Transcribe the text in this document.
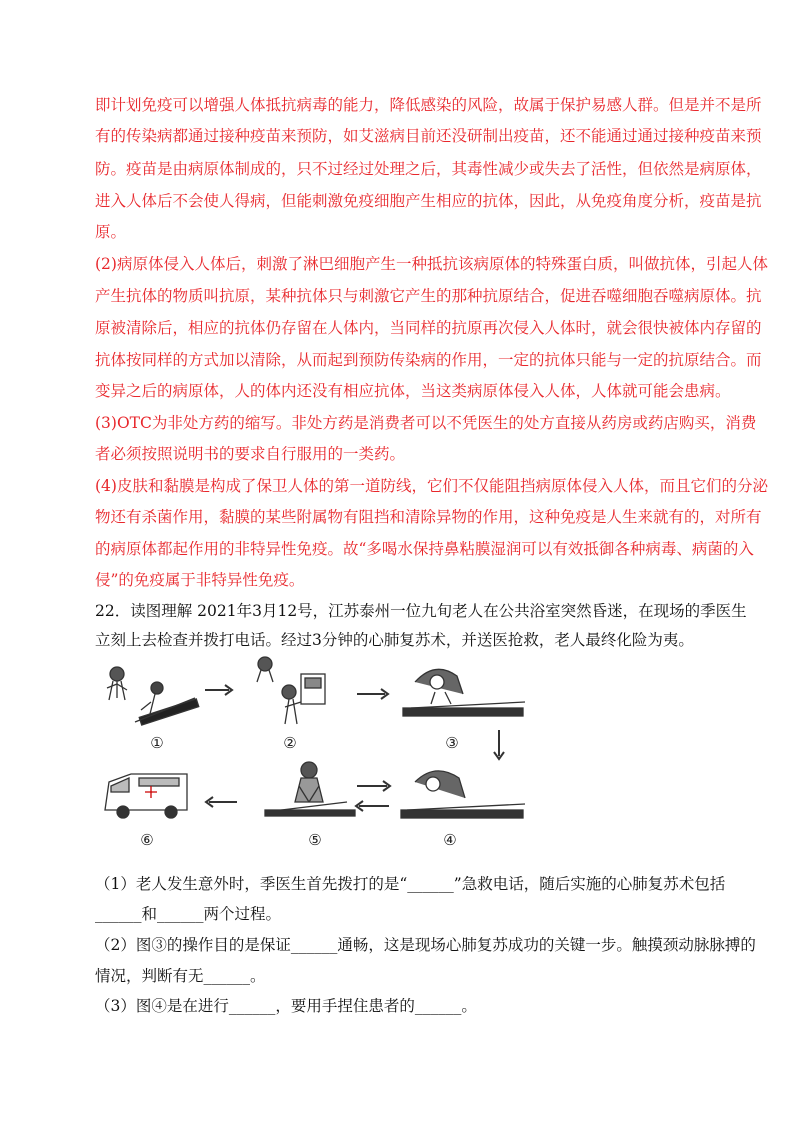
即计划免疫可以增强人体抵抗病毒的能力，降低感染的风险，故属于保护易感人群。但是并不是所
有的传染病都通过接种疫苗来预防，如艾滋病目前还没研制出疫苗，还不能通过通过接种疫苗来预
防。疫苗是由病原体制成的，只不过经过处理之后，其毒性减少或失去了活性，但依然是病原体，
进入人体后不会使人得病，但能刺激免疫细胞产生相应的抗体，因此，从免疫角度分析，疫苗是抗
原。
(2)病原体侵入人体后，刺激了淋巴细胞产生一种抵抗该病原体的特殊蛋白质，叫做抗体，引起人体
产生抗体的物质叫抗原，某种抗体只与刺激它产生的那种抗原结合，促进吞噬细胞吞噬病原体。抗
原被清除后，相应的抗体仍存留在人体内，当同样的抗原再次侵入人体时，就会很快被体内存留的
抗体按同样的方式加以清除，从而起到预防传染病的作用，一定的抗体只能与一定的抗原结合。而
变异之后的病原体，人的体内还没有相应抗体，当这类病原体侵入人体，人体就可能会患病。
(3)OTC为非处方药的缩写。非处方药是消费者可以不凭医生的处方直接从药房或药店购买，消费
者必须按照说明书的要求自行服用的一类药。
(4)皮肤和黏膜是构成了保卫人体的第一道防线，它们不仅能阻挡病原体侵入人体，而且它们的分泌
物还有杀菌作用，黏膜的某些附属物有阻挡和清除异物的作用，这种免疫是人生来就有的，对所有
的病原体都起作用的非特异性免疫。故“多喝水保持鼻粘膜湿润可以有效抵御各种病毒、病菌的入
侵”的免疫属于非特异性免疫。
22．读图理解 2021年3月12号，江苏泰州一位九旬老人在公共浴室突然昏迷，在现场的季医生
立刻上去检查并拨打电话。经过3分钟的心肺复苏术，并送医抢救，老人最终化险为夷。
①	②	③
④
⑤
⑥
（1）老人发生意外时，季医生首先拨打的是“______”急救电话，随后实施的心肺复苏术包括
______和______两个过程。
（2）图③的操作目的是保证______通畅，这是现场心肺复苏成功的关键一步。触摸颈动脉脉搏的
情况，判断有无______。
（3）图④是在进行______，要用手捏住患者的______。
